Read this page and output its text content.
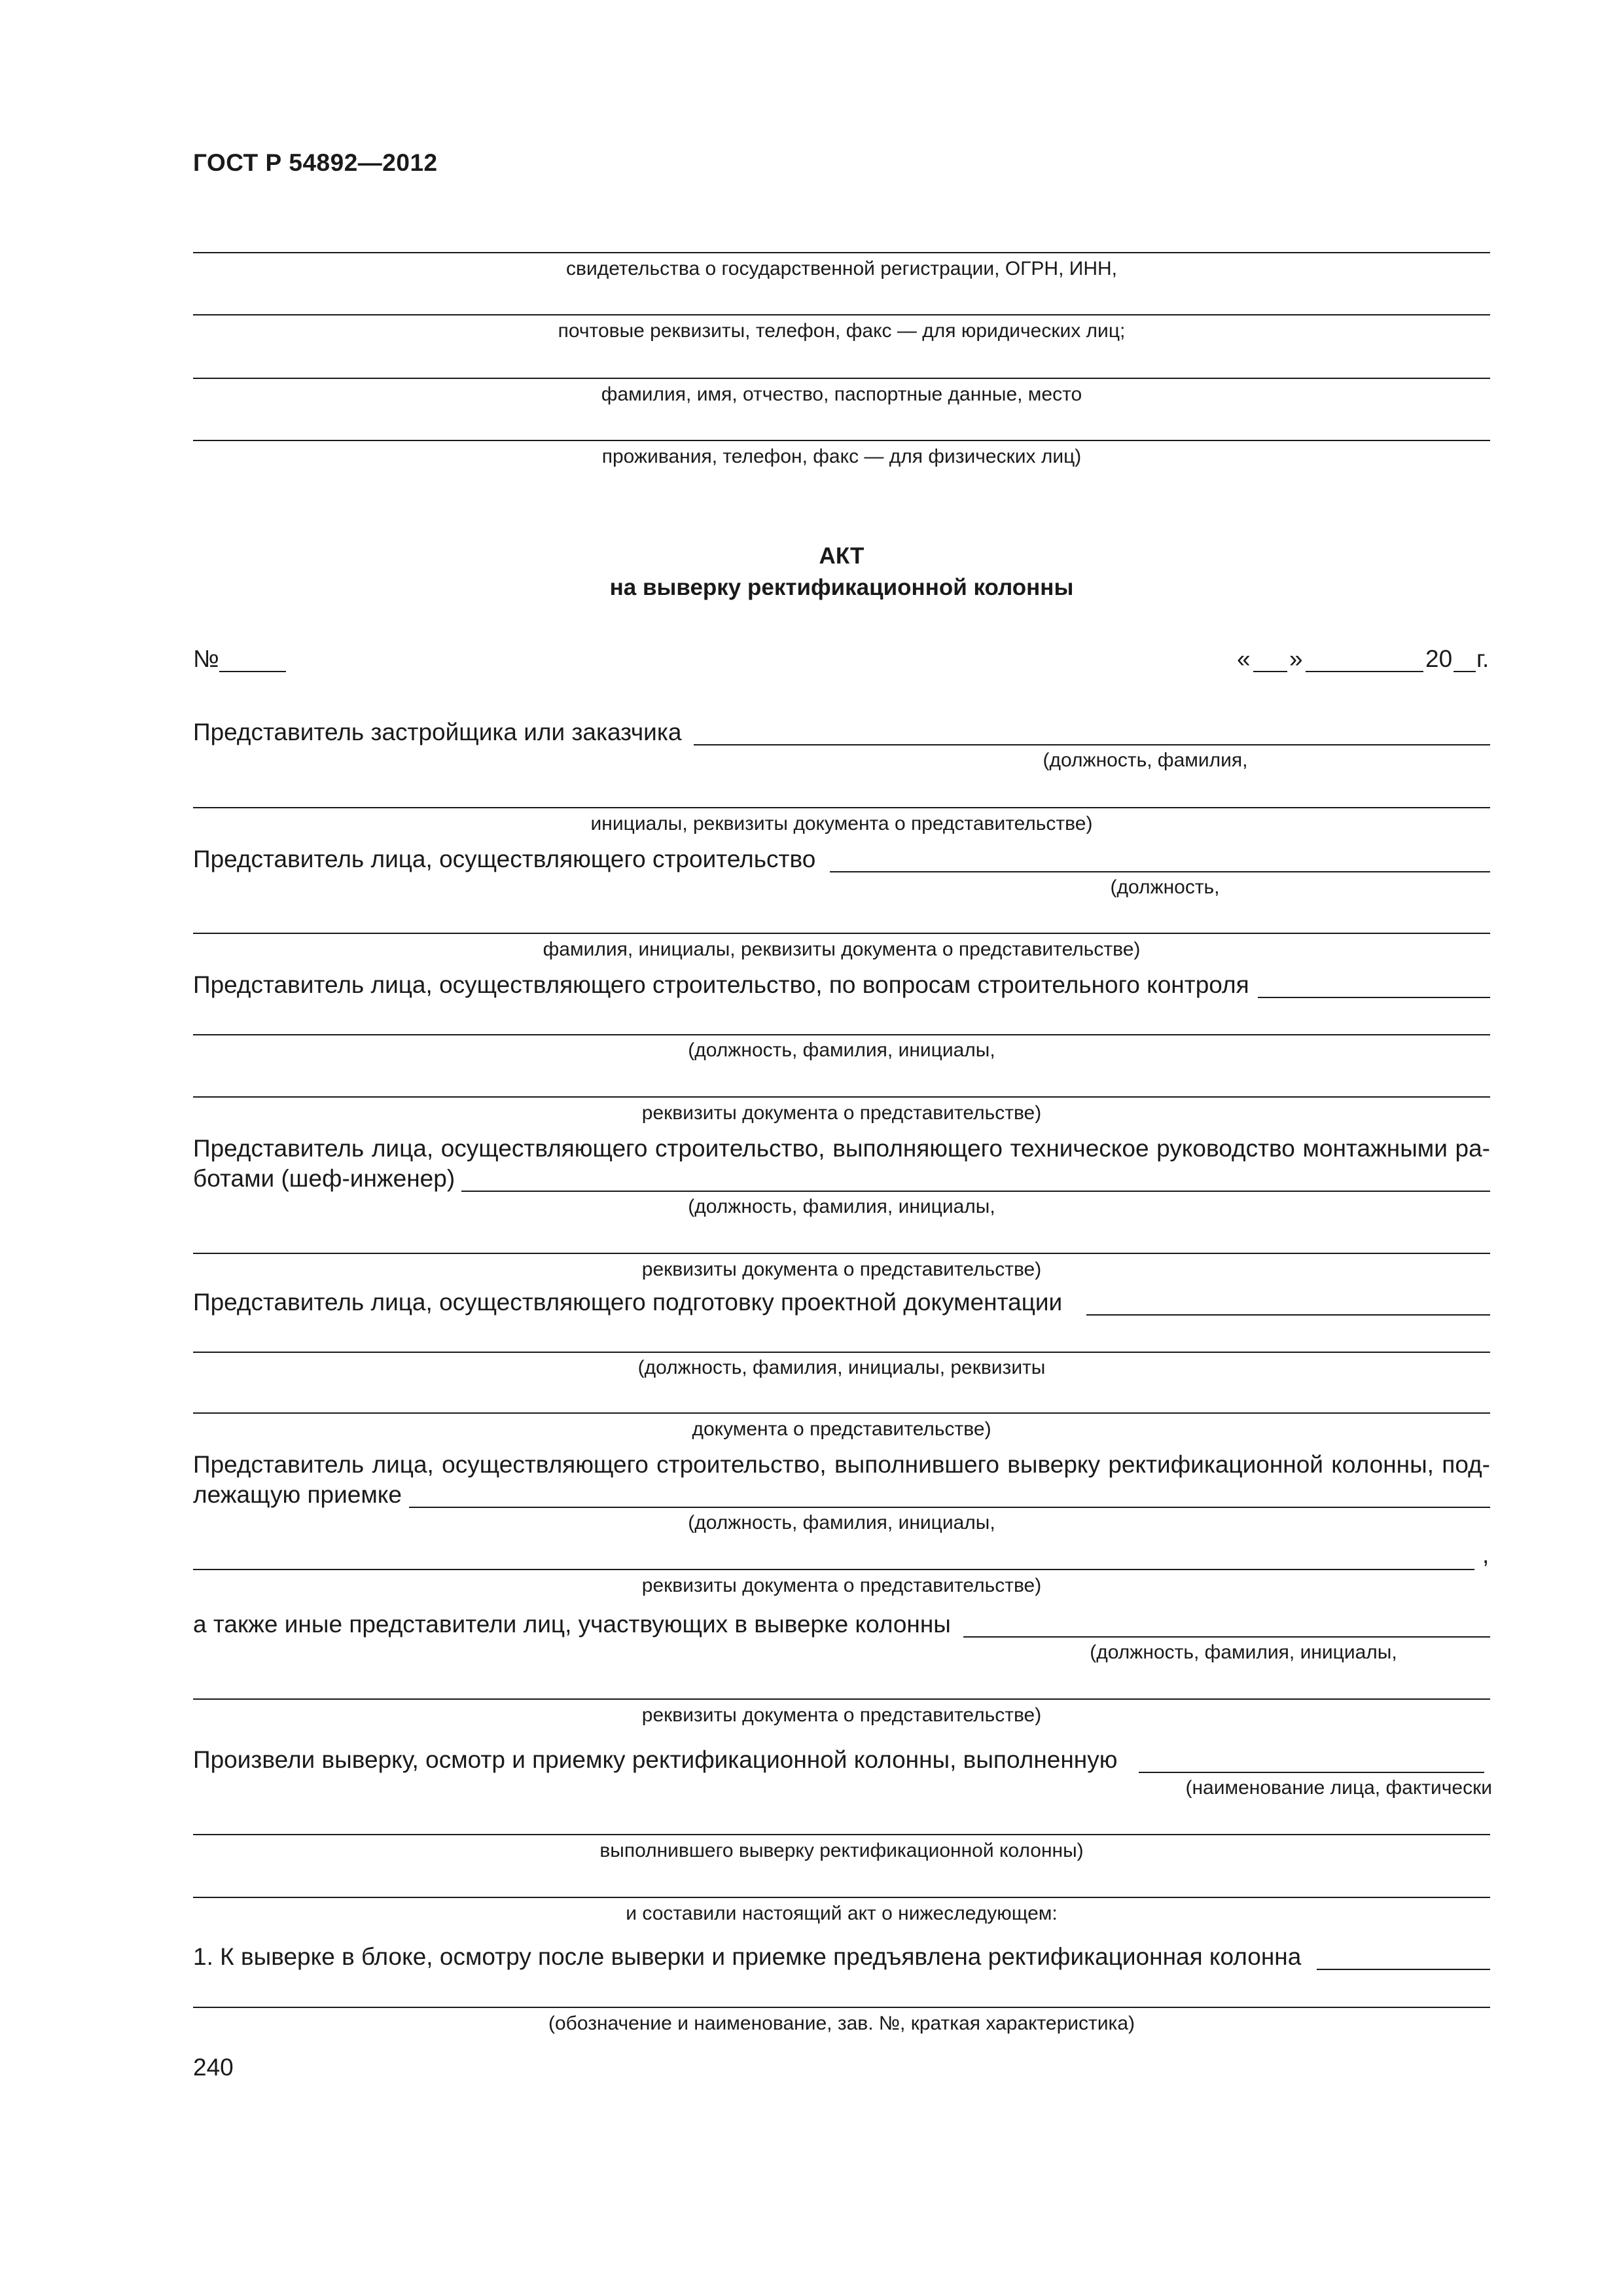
ГОСТ Р 54892—2012
свидетельства о государственной регистрации, ОГРН, ИНН,
почтовые реквизиты, телефон, факс — для юридических лиц;
фамилия, имя, отчество, паспортные данные, место
проживания, телефон, факс — для физических лиц)
АКТ
на выверку ректификационной колонны
№	« »	20 г.
Представитель застройщика или заказчика
(должность, фамилия,
инициалы, реквизиты документа о представительстве)
Представитель лица, осуществляющего строительство
(должность,
фамилия, инициалы, реквизиты документа о представительстве)
Представитель лица, осуществляющего строительство, по вопросам строительного контроля
(должность, фамилия, инициалы,
реквизиты документа о представительстве)
Представитель лица, осуществляющего строительство, выполняющего техническое руководство монтажными ра-
ботами (шеф-инженер)
(должность, фамилия, инициалы,
реквизиты документа о представительстве)
Представитель лица, осуществляющего подготовку проектной документации
(должность, фамилия, инициалы, реквизиты
документа о представительстве)
Представитель лица, осуществляющего строительство, выполнившего выверку ректификационной колонны, под-
лежащую приемке
(должность, фамилия, инициалы,
,
реквизиты документа о представительстве)
а также иные представители лиц, участвующих в выверке колонны
(должность, фамилия, инициалы,
реквизиты документа о представительстве)
Произвели выверку, осмотр и приемку ректификационной колонны, выполненную
(наименование лица, фактически
выполнившего выверку ректификационной колонны)
и составили настоящий акт о нижеследующем:
1. К выверке в блоке, осмотру после выверки и приемке предъявлена ректификационная колонна
(обозначение и наименование, зав. №, краткая характеристика)
240
